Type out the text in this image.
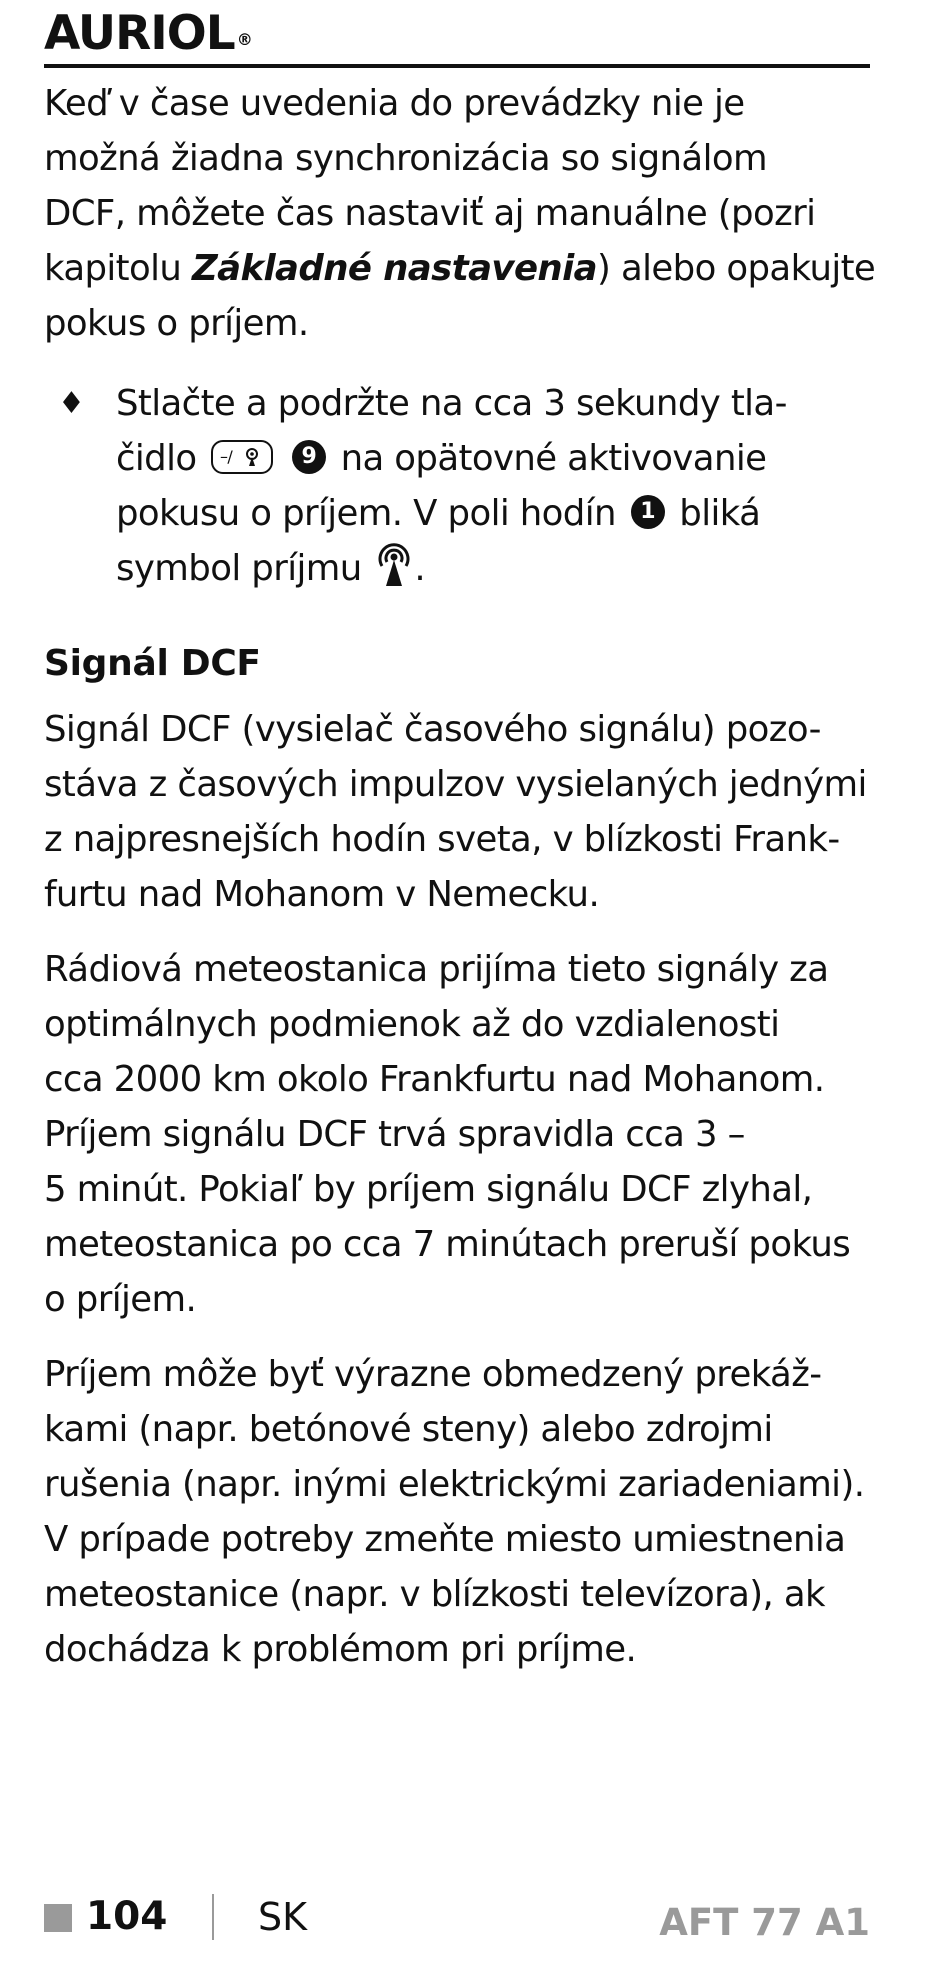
AURIOL ®

Keď v čase uvedenia do prevádzky nie je
možná žiadna synchronizácia so signálom
DCF, môžete čas nastaviť aj manuálne (pozri
kapitolu Základné nastavenia) alebo opakujte
pokus o príjem.

♦ Stlačte a podržte na cca 3 sekundy tla-
čidlo –/	9 na opätovné aktivovanie
pokusu o príjem. V poli hodín 1 bliká
symbol príjmu .
Signál DCF

Signál DCF (vysielač časového signálu) pozo-
stáva z časových impulzov vysielaných jednými
z najpresnejších hodín sveta, v blízkosti Frank-
furtu nad Mohanom v Nemecku.

Rádiová meteostanica prijíma tieto signály za
optimálnych podmienok až do vzdialenosti
cca 2000 km okolo Frankfurtu nad Mohanom.
Príjem signálu DCF trvá spravidla cca 3 –
5 minút. Pokiaľ by príjem signálu DCF zlyhal,
meteostanica po cca 7 minútach preruší pokus
o príjem.

Príjem môže byť výrazne obmedzený prekáž-
kami (napr. betónové steny) alebo zdrojmi
rušenia (napr. inými elektrickými zariadeniami).
V prípade potreby zmeňte miesto umiestnenia
meteostanice (napr. v blízkosti televízora), ak
dochádza k problémom pri príjme.

104 SK	AFT 77 A1
